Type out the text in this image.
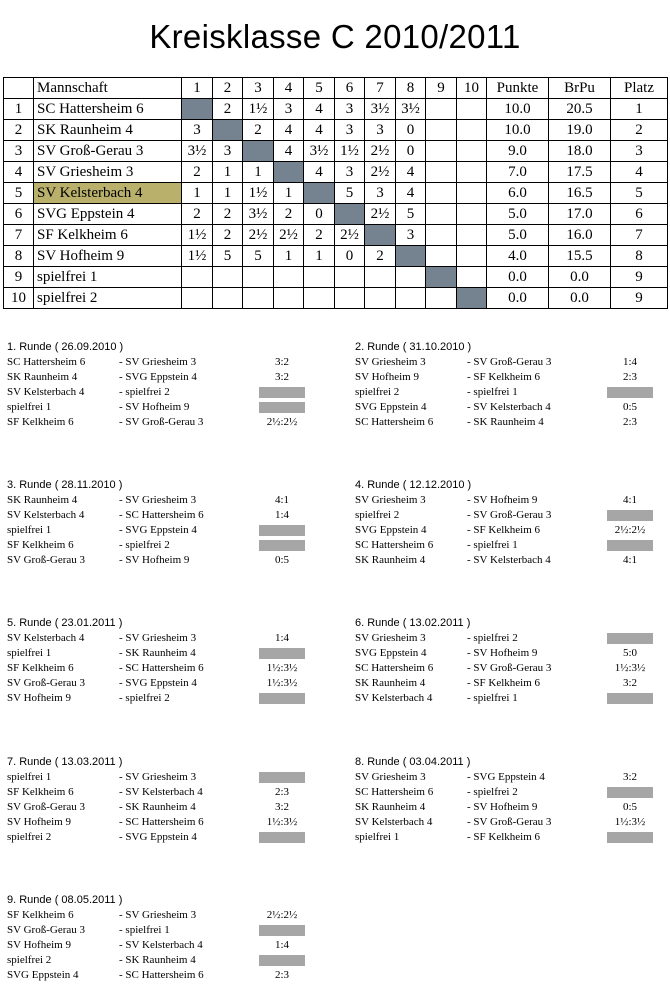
Kreisklasse C 2010/2011
	Mannschaft	1	2	3	4	5	6	7	8	9	10	Punkte	BrPu	Platz
1	SC Hattersheim 6		2	1½	3	4	3	3½	3½			10.0	20.5	1
2	SK Raunheim 4	3		2	4	4	3	3	0			10.0	19.0	2
3	SV Groß-Gerau 3	3½	3		4	3½	1½	2½	0			9.0	18.0	3
4	SV Griesheim 3	2	1	1		4	3	2½	4			7.0	17.5	4
5	SV Kelsterbach 4	1	1	1½	1		5	3	4			6.0	16.5	5
6	SVG Eppstein 4	2	2	3½	2	0		2½	5			5.0	17.0	6
7	SF Kelkheim 6	1½	2	2½	2½	2	2½		3			5.0	16.0	7
8	SV Hofheim 9	1½	5	5	1	1	0	2				4.0	15.5	8
9	spielfrei 1											0.0	0.0	9
10	spielfrei 2											0.0	0.0	9
1. Runde ( 26.09.2010 )
SC Hattersheim 6	- SV Griesheim 3	3:2
SK Raunheim 4	- SVG Eppstein 4	3:2
SV Kelsterbach 4	- spielfrei 2
spielfrei 1	- SV Hofheim 9
SF Kelkheim 6	- SV Groß-Gerau 3	2½:2½
2. Runde ( 31.10.2010 )
SV Griesheim 3	- SV Groß-Gerau 3	1:4
SV Hofheim 9	- SF Kelkheim 6	2:3
spielfrei 2	- spielfrei 1
SVG Eppstein 4	- SV Kelsterbach 4	0:5
SC Hattersheim 6	- SK Raunheim 4	2:3
3. Runde ( 28.11.2010 )
SK Raunheim 4	- SV Griesheim 3	4:1
SV Kelsterbach 4	- SC Hattersheim 6	1:4
spielfrei 1	- SVG Eppstein 4
SF Kelkheim 6	- spielfrei 2
SV Groß-Gerau 3	- SV Hofheim 9	0:5
4. Runde ( 12.12.2010 )
SV Griesheim 3	- SV Hofheim 9	4:1
spielfrei 2	- SV Groß-Gerau 3
SVG Eppstein 4	- SF Kelkheim 6	2½:2½
SC Hattersheim 6	- spielfrei 1
SK Raunheim 4	- SV Kelsterbach 4	4:1
5. Runde ( 23.01.2011 )
SV Kelsterbach 4	- SV Griesheim 3	1:4
spielfrei 1	- SK Raunheim 4
SF Kelkheim 6	- SC Hattersheim 6	1½:3½
SV Groß-Gerau 3	- SVG Eppstein 4	1½:3½
SV Hofheim 9	- spielfrei 2
6. Runde ( 13.02.2011 )
SV Griesheim 3	- spielfrei 2
SVG Eppstein 4	- SV Hofheim 9	5:0
SC Hattersheim 6	- SV Groß-Gerau 3	1½:3½
SK Raunheim 4	- SF Kelkheim 6	3:2
SV Kelsterbach 4	- spielfrei 1
7. Runde ( 13.03.2011 )
spielfrei 1	- SV Griesheim 3
SF Kelkheim 6	- SV Kelsterbach 4	2:3
SV Groß-Gerau 3	- SK Raunheim 4	3:2
SV Hofheim 9	- SC Hattersheim 6	1½:3½
spielfrei 2	- SVG Eppstein 4
8. Runde ( 03.04.2011 )
SV Griesheim 3	- SVG Eppstein 4	3:2
SC Hattersheim 6	- spielfrei 2
SK Raunheim 4	- SV Hofheim 9	0:5
SV Kelsterbach 4	- SV Groß-Gerau 3	1½:3½
spielfrei 1	- SF Kelkheim 6
9. Runde ( 08.05.2011 )
SF Kelkheim 6	- SV Griesheim 3	2½:2½
SV Groß-Gerau 3	- spielfrei 1
SV Hofheim 9	- SV Kelsterbach 4	1:4
spielfrei 2	- SK Raunheim 4
SVG Eppstein 4	- SC Hattersheim 6	2:3
